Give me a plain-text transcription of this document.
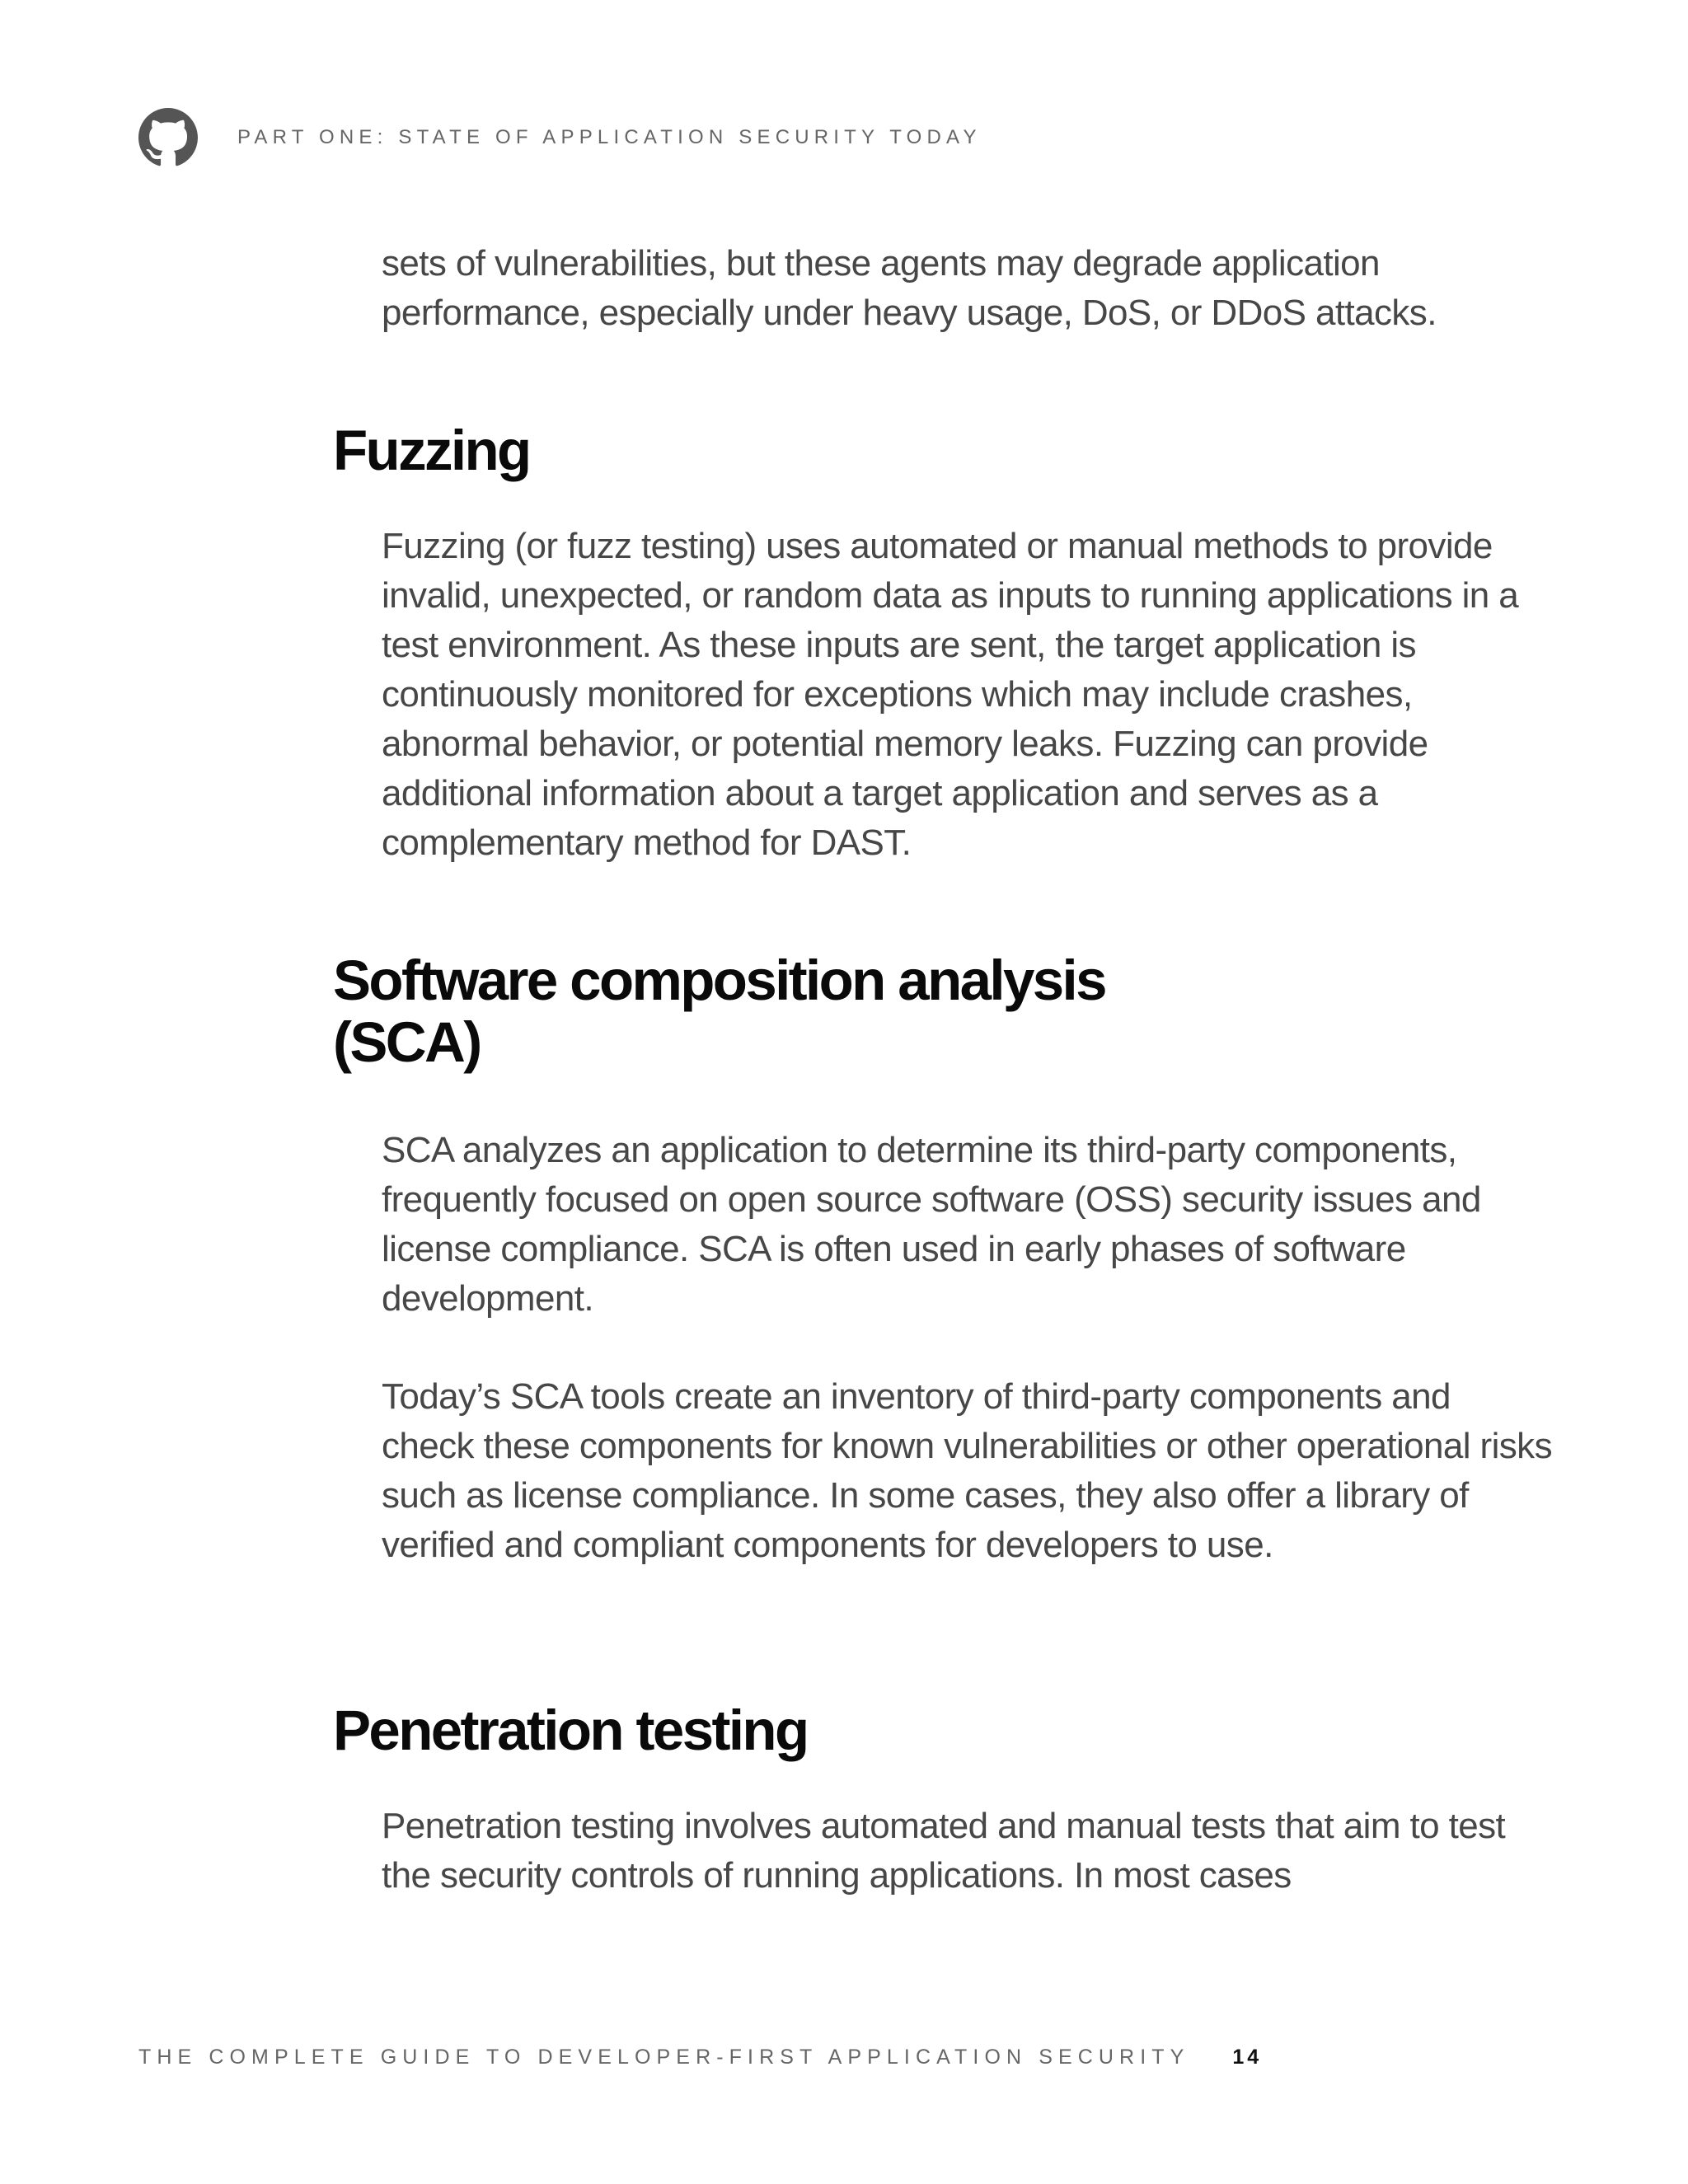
PART ONE: STATE OF APPLICATION SECURITY TODAY

sets of vulnerabilities, but these agents may degrade application performance, especially under heavy usage, DoS, or DDoS attacks.

Fuzzing

Fuzzing (or fuzz testing) uses automated or manual methods to provide invalid, unexpected, or random data as inputs to running applications in a test environment. As these inputs are sent, the target application is continuously monitored for exceptions which may include crashes, abnormal behavior, or potential memory leaks. Fuzzing can provide additional information about a target application and serves as a complementary method for DAST.

Software composition analysis (SCA)

SCA analyzes an application to determine its third-party components, frequently focused on open source software (OSS) security issues and license compliance. SCA is often used in early phases of software development.

Today’s SCA tools create an inventory of third-party components and check these components for known vulnerabilities or other operational risks such as license compliance. In some cases, they also offer a library of verified and compliant components for developers to use.

Penetration testing

Penetration testing involves automated and manual tests that aim to test the security controls of running applications. In most cases

THE COMPLETE GUIDE TO DEVELOPER-FIRST APPLICATION SECURITY 14
